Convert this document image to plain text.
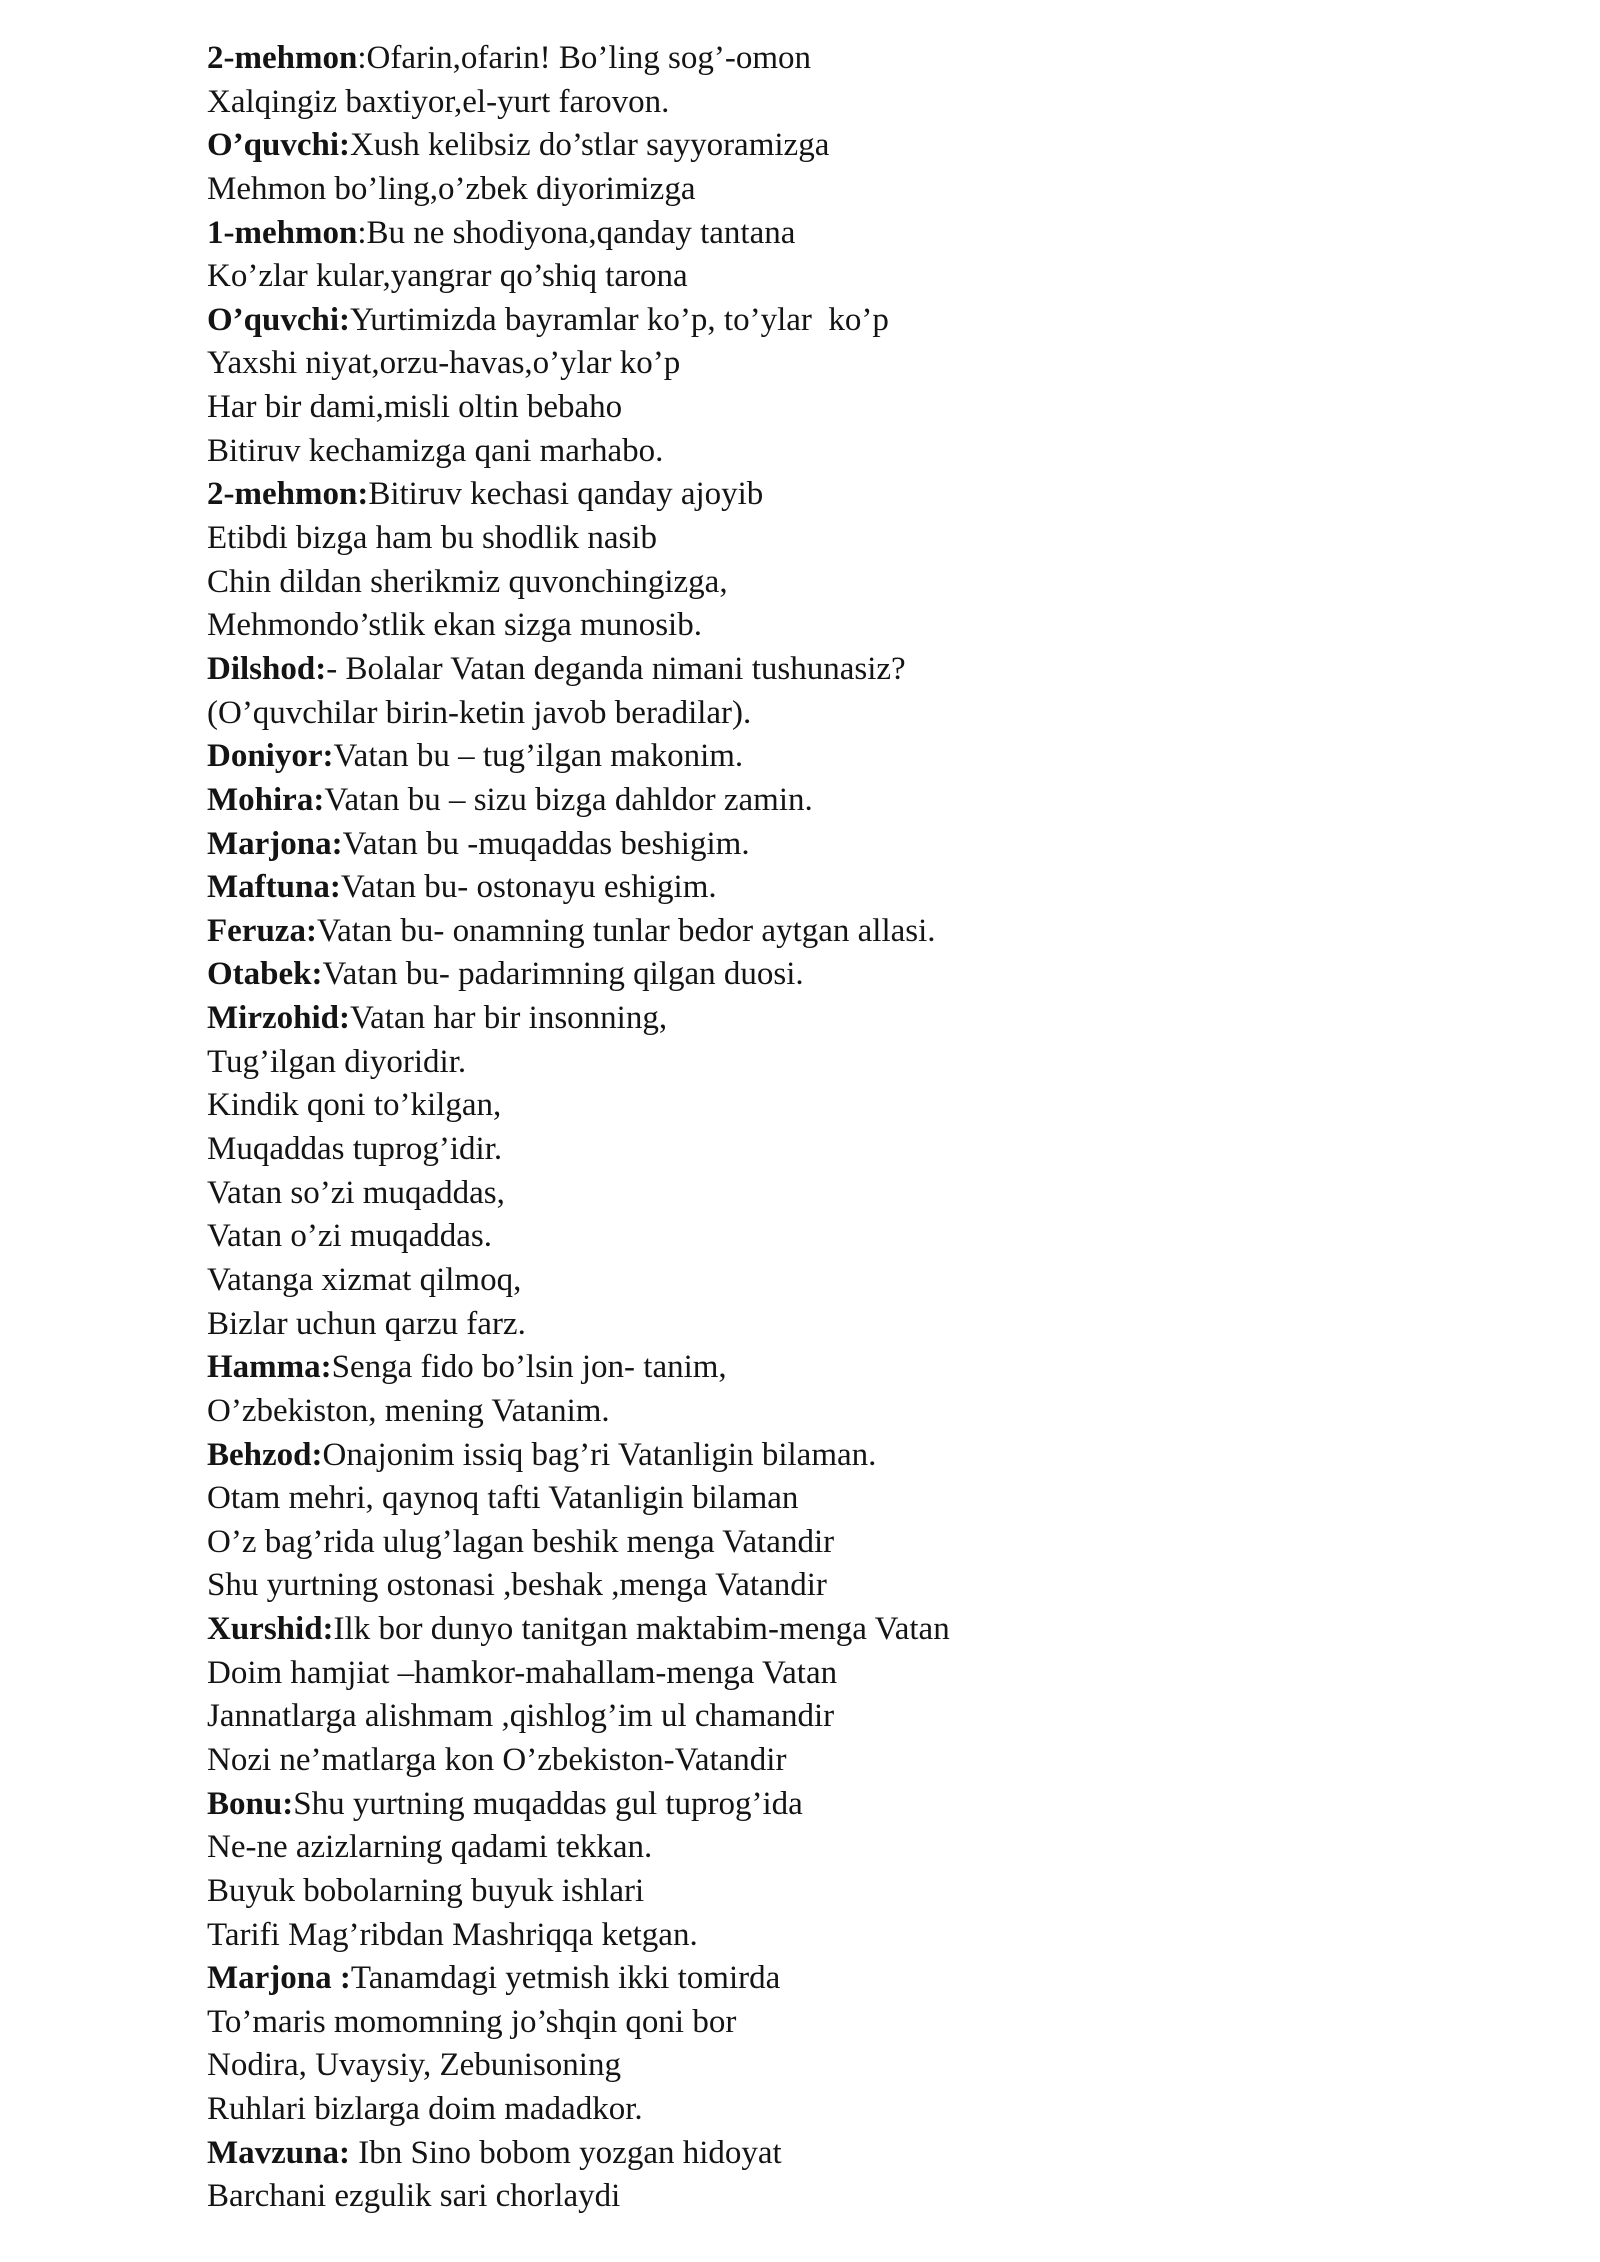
2-mehmon:Ofarin,ofarin! Bo’ling sog’-omon
Xalqingiz baxtiyor,el-yurt farovon.
O’quvchi:Xush kelibsiz do’stlar sayyoramizga
Mehmon bo’ling,o’zbek diyorimizga
1-mehmon:Bu ne shodiyona,qanday tantana
Ko’zlar kular,yangrar qo’shiq tarona
O’quvchi:Yurtimizda bayramlar ko’p, to’ylar  ko’p
Yaxshi niyat,orzu-havas,o’ylar ko’p
Har bir dami,misli oltin bebaho
Bitiruv kechamizga qani marhabo.
2-mehmon:Bitiruv kechasi qanday ajoyib
Etibdi bizga ham bu shodlik nasib
Chin dildan sherikmiz quvonchingizga,
Mehmondo’stlik ekan sizga munosib.
Dilshod:- Bolalar Vatan deganda nimani tushunasiz?
(O’quvchilar birin-ketin javob beradilar).
Doniyor:Vatan bu – tug’ilgan makonim.
Mohira:Vatan bu – sizu bizga dahldor zamin.
Marjona:Vatan bu -muqaddas beshigim.
Maftuna:Vatan bu- ostonayu eshigim.
Feruza:Vatan bu- onamning tunlar bedor aytgan allasi.
Otabek:Vatan bu- padarimning qilgan duosi.
Mirzohid:Vatan har bir insonning,
Tug’ilgan diyoridir.
Kindik qoni to’kilgan,
Muqaddas tuprog’idir.
Vatan so’zi muqaddas,
Vatan o’zi muqaddas.
Vatanga xizmat qilmoq,
Bizlar uchun qarzu farz.
Hamma:Senga fido bo’lsin jon- tanim,
O’zbekiston, mening Vatanim.
Behzod:Onajonim issiq bag’ri Vatanligin bilaman.
Otam mehri, qaynoq tafti Vatanligin bilaman
O’z bag’rida ulug’lagan beshik menga Vatandir
Shu yurtning ostonasi ,beshak ,menga Vatandir
Xurshid:Ilk bor dunyo tanitgan maktabim-menga Vatan
Doim hamjiat –hamkor-mahallam-menga Vatan
Jannatlarga alishmam ,qishlog’im ul chamandir
Nozi ne’matlarga kon O’zbekiston-Vatandir
Bonu:Shu yurtning muqaddas gul tuprog’ida
Ne-ne azizlarning qadami tekkan.
Buyuk bobolarning buyuk ishlari
Tarifi Mag’ribdan Mashriqqa ketgan.
Marjona :Tanamdagi yetmish ikki tomirda
To’maris momomning jo’shqin qoni bor
Nodira, Uvaysiy, Zebunisoning
Ruhlari bizlarga doim madadkor.
Mavzuna: Ibn Sino bobom yozgan hidoyat
Barchani ezgulik sari chorlaydi
